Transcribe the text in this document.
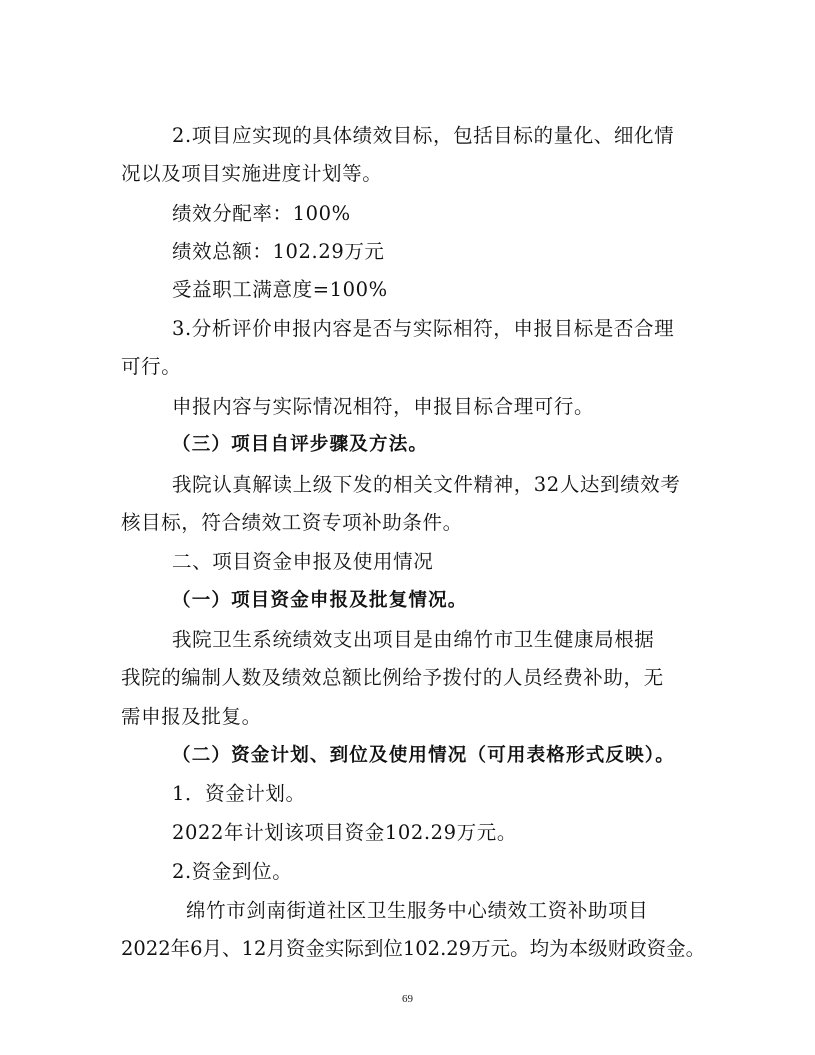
2.项目应实现的具体绩效目标，包括目标的量化、细化情
况以及项目实施进度计划等。
绩效分配率：100%
绩效总额：102.29万元
受益职工满意度=100%
3.分析评价申报内容是否与实际相符，申报目标是否合理
可行。
申报内容与实际情况相符，申报目标合理可行。
（三）项目自评步骤及方法。
我院认真解读上级下发的相关文件精神，32人达到绩效考
核目标，符合绩效工资专项补助条件。
二、项目资金申报及使用情况
（一）项目资金申报及批复情况。
我院卫生系统绩效支出项目是由绵竹市卫生健康局根据
我院的编制人数及绩效总额比例给予拨付的人员经费补助，无
需申报及批复。
（二）资金计划、到位及使用情况（可用表格形式反映）。
1．资金计划。
2022年计划该项目资金102.29万元。
2.资金到位。
绵竹市剑南街道社区卫生服务中心绩效工资补助项目
2022年6月、12月资金实际到位102.29万元。均为本级财政资金。
69
